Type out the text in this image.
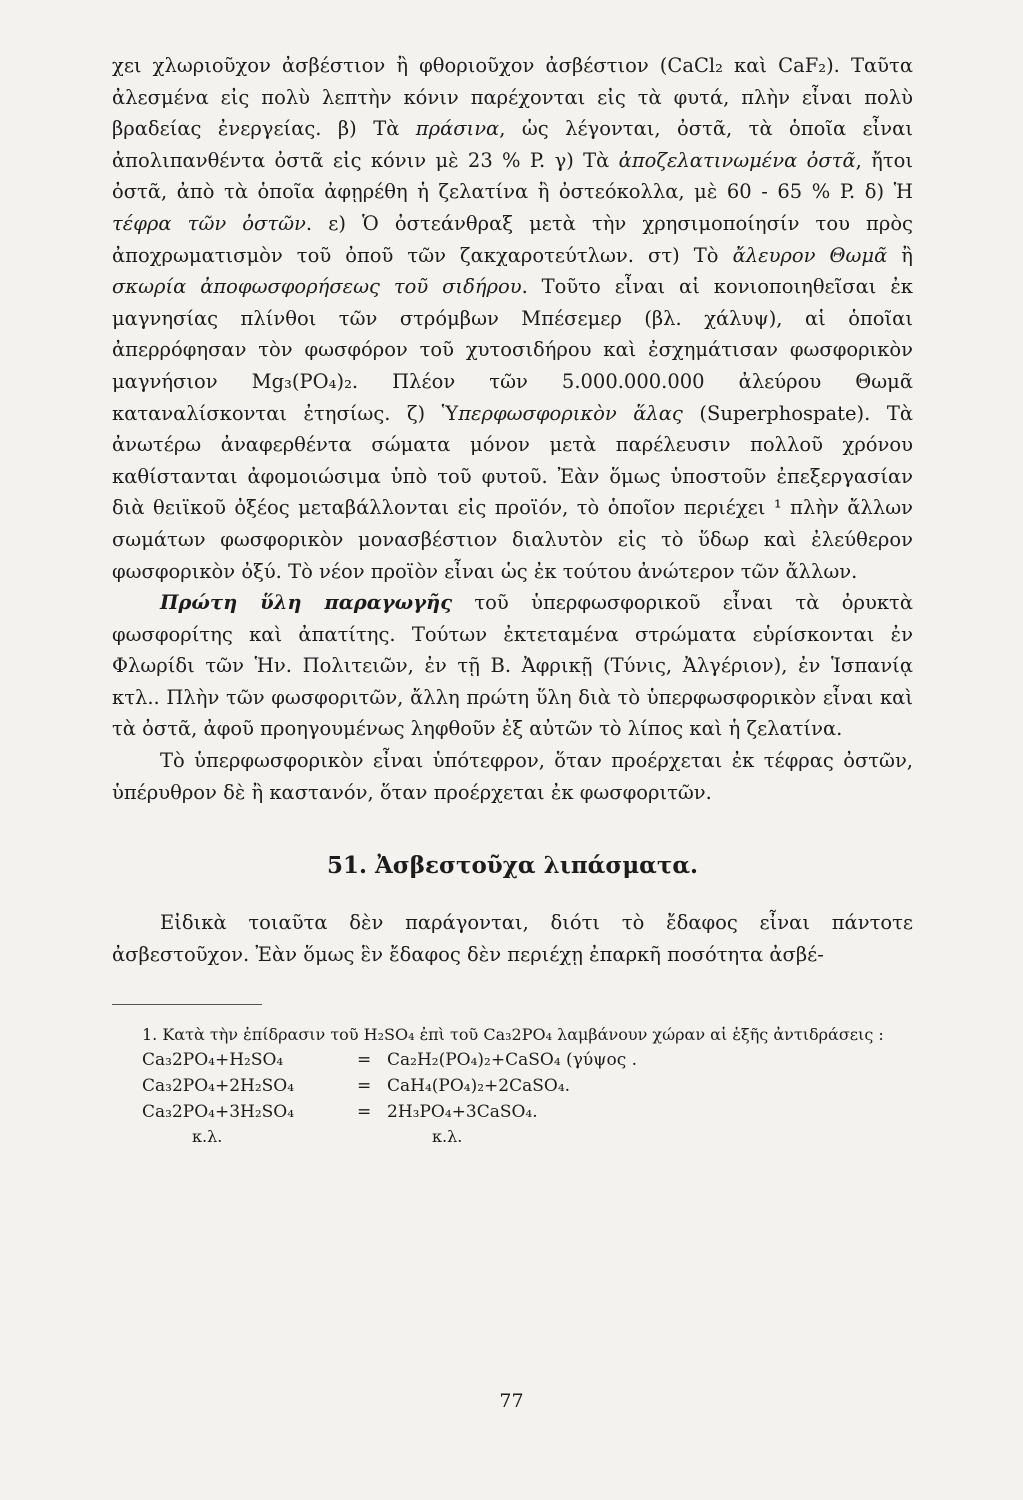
χει χλωριοῦχον ἀσβέστιον ἢ φθοριοῦχον ἀσβέστιον (CaCl₂ καὶ CaF₂). Ταῦτα ἀλεσμένα εἰς πολὺ λεπτὴν κόνιν παρέχονται εἰς τὰ φυτά, πλὴν εἶναι πολὺ βραδείας ἐνεργείας. β) Τὰ πράσινα, ὡς λέγονται, ὀστᾶ, τὰ ὁποῖα εἶναι ἀπολιπανθέντα ὀστᾶ εἰς κόνιν μὲ 23 % P. γ) Τὰ ἀποζελατινωμένα ὀστᾶ, ἤτοι ὀστᾶ, ἀπὸ τὰ ὁποῖα ἀφῃρέθη ἡ ζελατίνα ἢ ὀστεόκολλα, μὲ 60 - 65 % P. δ) Ἡ τέφρα τῶν ὀστῶν. ε) Ὁ ὀστεάνθραξ μετὰ τὴν χρησιμοποίησίν του πρὸς ἀποχρωματισμὸν τοῦ ὀποῦ τῶν ζακχαροτεύτλων. στ) Τὸ ἄλευρον Θωμᾶ ἢ σκωρία ἀποφωσφορήσεως τοῦ σιδήρου. Τοῦτο εἶναι αἱ κονιοποιηθεῖσαι ἐκ μαγνησίας πλίνθοι τῶν στρόμβων Μπέσεμερ (βλ. χάλυψ), αἱ ὁποῖαι ἀπερρόφησαν τὸν φωσφόρον τοῦ χυτοσιδήρου καὶ ἐσχημάτισαν φωσφορικὸν μαγνήσιον Mg₃(PO₄)₂. Πλέον τῶν 5.000.000.000 ἀλεύρου Θωμᾶ καταναλίσκονται ἐτησίως. ζ) Ὑπερφωσφορικὸν ἅλας (Superphospate). Τὰ ἀνωτέρω ἀναφερθέντα σώματα μόνον μετὰ παρέλευσιν πολλοῦ χρόνου καθίστανται ἀφομοιώσιμα ὑπὸ τοῦ φυτοῦ. Ἐὰν ὅμως ὑποστοῦν ἐπεξεργασίαν διὰ θειϊκοῦ ὀξέος μεταβάλλονται εἰς προϊόν, τὸ ὁποῖον περιέχει ¹ πλὴν ἄλλων σωμάτων φωσφορικὸν μονασβέστιον διαλυτὸν εἰς τὸ ὕδωρ καὶ ἐλεύθερον φωσφορικὸν ὀξύ. Τὸ νέον προϊὸν εἶναι ὡς ἐκ τούτου ἀνώτερον τῶν ἄλλων.

Πρώτη ὕλη παραγωγῆς τοῦ ὑπερφωσφορικοῦ εἶναι τὰ ὀρυκτὰ φωσφορίτης καὶ ἀπατίτης. Τούτων ἐκτεταμένα στρώματα εὑρίσκονται ἐν Φλωρίδι τῶν Ἡν. Πολιτειῶν, ἐν τῇ Β. Ἀφρικῇ (Τύνις, Ἀλγέριον), ἐν Ἱσπανίᾳ κτλ.. Πλὴν τῶν φωσφοριτῶν, ἄλλη πρώτη ὕλη διὰ τὸ ὑπερφωσφορικὸν εἶναι καὶ τὰ ὀστᾶ, ἀφοῦ προηγουμένως ληφθοῦν ἐξ αὐτῶν τὸ λίπος καὶ ἡ ζελατίνα.

Τὸ ὑπερφωσφορικὸν εἶναι ὑπότεφρον, ὅταν προέρχεται ἐκ τέφρας ὀστῶν, ὑπέρυθρον δὲ ἢ καστανόν, ὅταν προέρχεται ἐκ φωσφοριτῶν.

51. Ἀσβεστοῦχα λιπάσματα.

Εἰδικὰ τοιαῦτα δὲν παράγονται, διότι τὸ ἔδαφος εἶναι πάντοτε ἀσβεστοῦχον. Ἐὰν ὅμως ἓν ἔδαφος δὲν περιέχῃ ἐπαρκῆ ποσότητα ἀσβέ-

1. Κατὰ τὴν ἐπίδρασιν τοῦ H₂SO₄ ἐπὶ τοῦ Ca₃2PO₄ λαμβάνουν χώραν αἱ ἑξῆς ἀντιδράσεις :

Ca₃2PO₄+H₂SO₄	= Ca₂H₂(PO₄)₂+CaSO₄ (γύψος .
Ca₃2PO₄+2H₂SO₄	= CaH₄(PO₄)₂+2CaSO₄.
Ca₃2PO₄+3H₂SO₄	= 2H₃PO₄+3CaSO₄.
κ.λ.	κ.λ.
77
